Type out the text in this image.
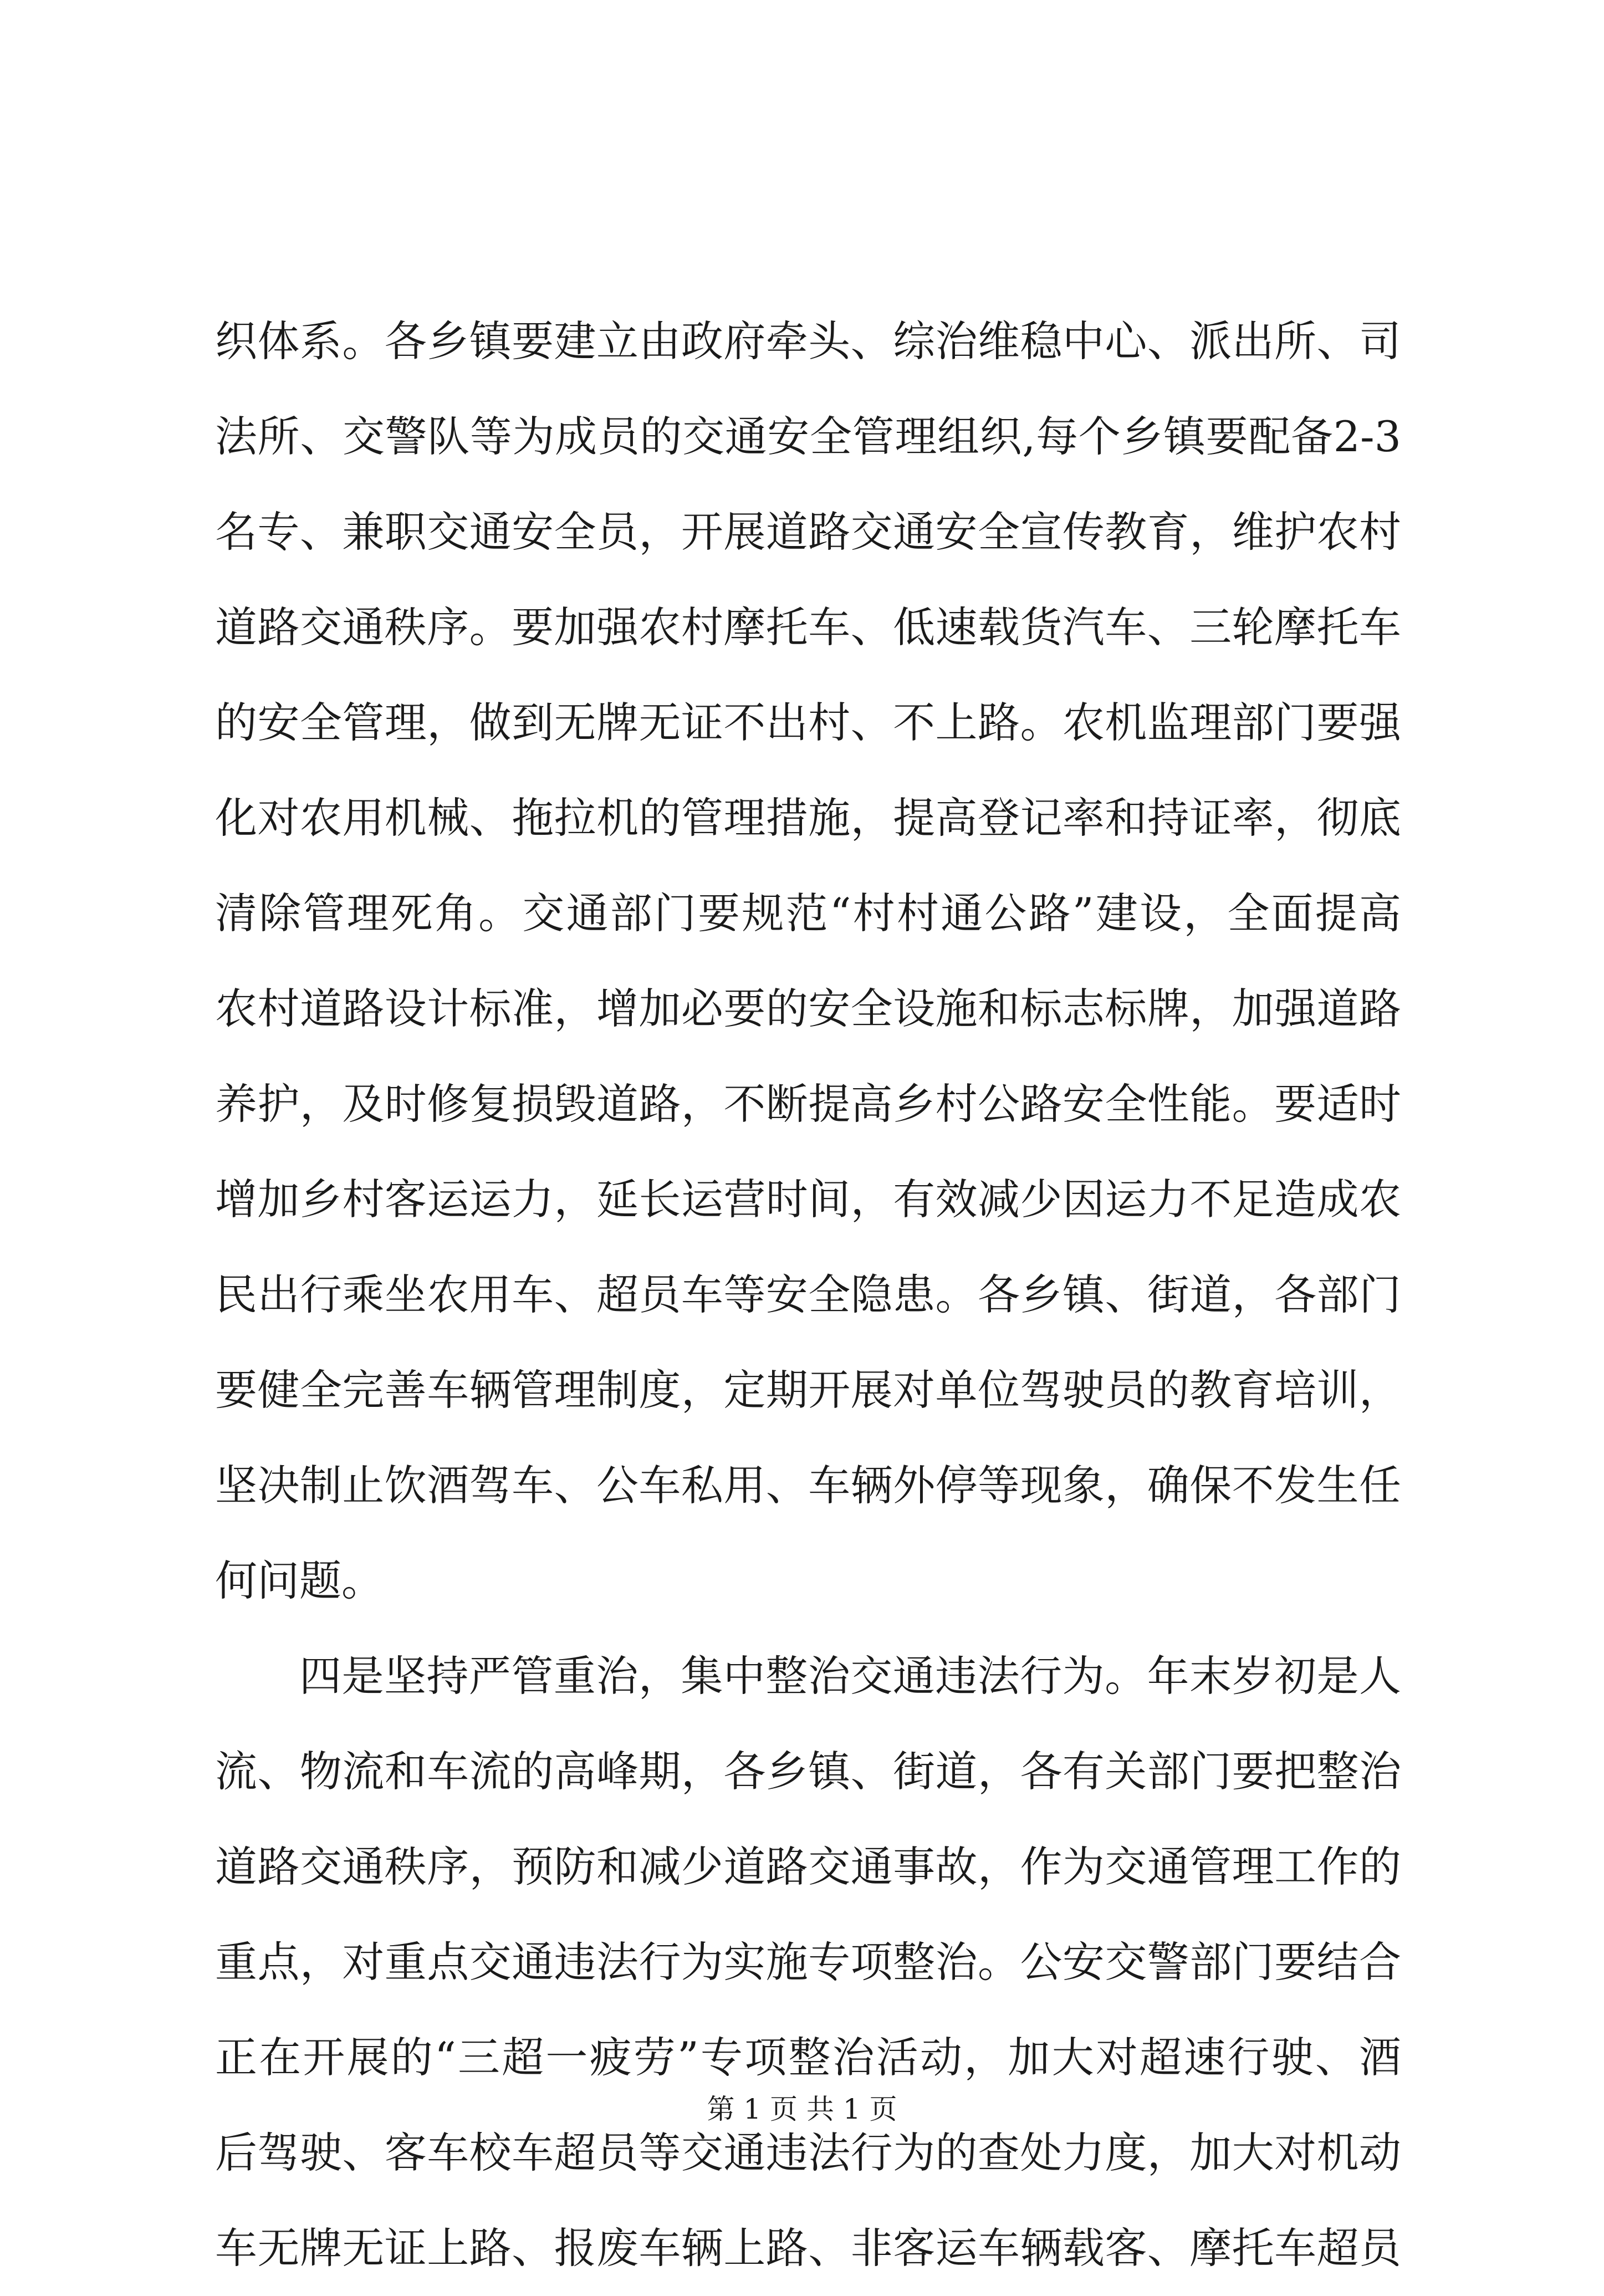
织体系。各乡镇要建立由政府牵头、综治维稳中心、派出所、司
法所、交警队等为成员的交通安全管理组织,每个乡镇要配备2-3
名专、兼职交通安全员，开展道路交通安全宣传教育，维护农村
道路交通秩序。要加强农村摩托车、低速载货汽车、三轮摩托车
的安全管理，做到无牌无证不出村、不上路。农机监理部门要强
化对农用机械、拖拉机的管理措施，提高登记率和持证率，彻底
清除管理死角。交通部门要规范“村村通公路”建设，全面提高
农村道路设计标准，增加必要的安全设施和标志标牌，加强道路
养护，及时修复损毁道路，不断提高乡村公路安全性能。要适时
增加乡村客运运力，延长运营时间，有效减少因运力不足造成农
民出行乘坐农用车、超员车等安全隐患。各乡镇、街道，各部门
要健全完善车辆管理制度，定期开展对单位驾驶员的教育培训，
坚决制止饮酒驾车、公车私用、车辆外停等现象，确保不发生任
何问题。
四是坚持严管重治，集中整治交通违法行为。年末岁初是人
流、物流和车流的高峰期，各乡镇、街道，各有关部门要把整治
道路交通秩序，预防和减少道路交通事故，作为交通管理工作的
重点，对重点交通违法行为实施专项整治。公安交警部门要结合
正在开展的“三超一疲劳”专项整治活动，加大对超速行驶、酒
后驾驶、客车校车超员等交通违法行为的查处力度，加大对机动
车无牌无证上路、报废车辆上路、非客运车辆载客、摩托车超员
第 1 页 共 1 页
